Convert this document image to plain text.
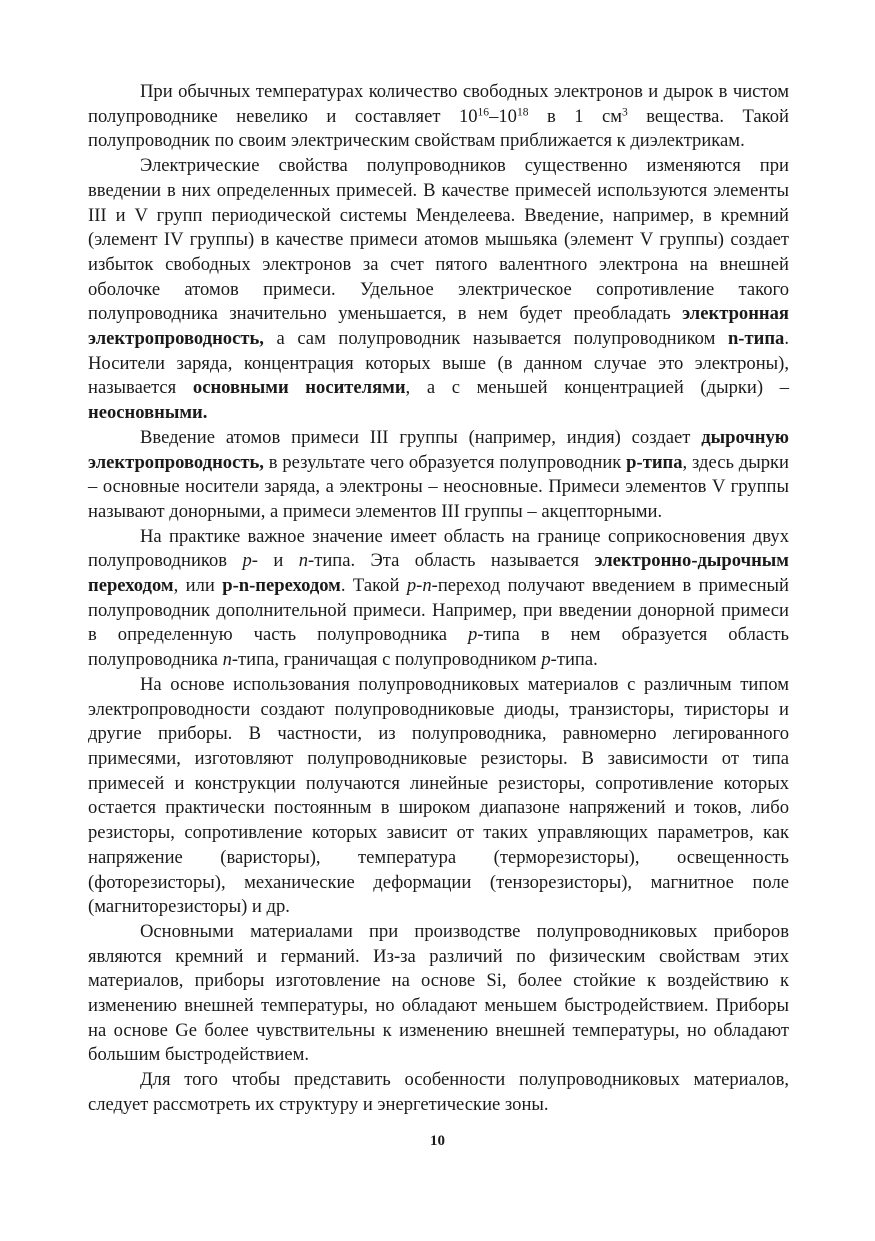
При обычных температурах количество свободных электронов и дырок в чистом полупроводнике невелико и составляет $10^{16}-10^{18}$ в 1 $см^3$ вещества. Такой полупроводник по своим электрическим свойствам приближается к диэлектрикам.

Электрические свойства полупроводников существенно изменяются при введении в них определенных примесей. В качестве примесей используются элементы III и V групп периодической системы Менделеева. Введение, например, в кремний (элемент IV группы) в качестве примеси атомов мышьяка (элемент V группы) создает избыток свободных электронов за счет пятого валентного электрона на внешней оболочке атомов примеси. Удельное электрическое сопротивление такого полупроводника значительно уменьшается, в нем будет преобладать электронная электропроводность, а сам полупроводник называется полупроводником n-типа. Носители заряда, концентрация которых выше (в данном случае это электроны), называется основными носителями, а с меньшей концентрацией (дырки) – неосновными.

Введение атомов примеси III группы (например, индия) создает дырочную электропроводность, в результате чего образуется полупроводник p-типа, здесь дырки – основные носители заряда, а электроны – неосновные. Примеси элементов V группы называют донорными, а примеси элементов III группы – акцепторными.

На практике важное значение имеет область на границе соприкосновения двух полупроводников p- и n-типа. Эта область называется электронно-дырочным переходом, или p-n-переходом. Такой p-n-переход получают введением в примесный полупроводник дополнительной примеси. Например, при введении донорной примеси в определенную часть полупроводника p-типа в нем образуется область полупроводника n-типа, граничащая с полупроводником p-типа.

На основе использования полупроводниковых материалов с различным типом электропроводности создают полупроводниковые диоды, транзисторы, тиристоры и другие приборы. В частности, из полупроводника, равномерно легированного примесями, изготовляют полупроводниковые резисторы. В зависимости от типа примесей и конструкции получаются линейные резисторы, сопротивление которых остается практически постоянным в широком диапазоне напряжений и токов, либо резисторы, сопротивление которых зависит от таких управляющих параметров, как напряжение (варисторы), температура (терморезисторы), освещенность (фоторезисторы), механические деформации (тензорезисторы), магнитное поле (магниторезисторы) и др.

Основными материалами при производстве полупроводниковых приборов являются кремний и германий. Из-за различий по физическим свойствам этих материалов, приборы изготовление на основе Si, более стойкие к воздействию к изменению внешней температуры, но обладают меньшем быстродействием. Приборы на основе Ge более чувствительны к изменению внешней температуры, но обладают большим быстродействием.

Для того чтобы представить особенности полупроводниковых материалов, следует рассмотреть их структуру и энергетические зоны.

10
